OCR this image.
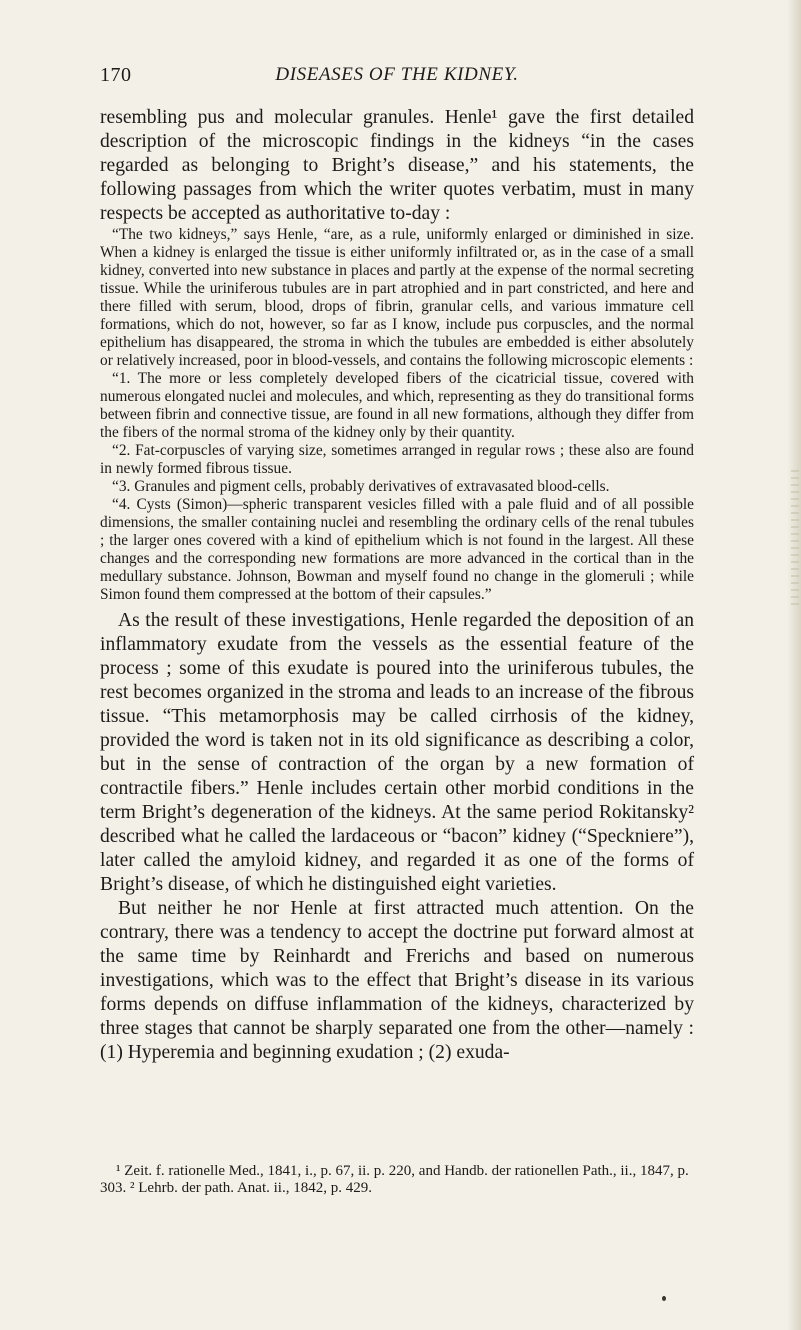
170	DISEASES OF THE KIDNEY.

resembling pus and molecular granules. Henle¹ gave the first detailed description of the microscopic findings in the kidneys “in the cases regarded as belonging to Bright’s disease,” and his statements, the following passages from which the writer quotes verbatim, must in many respects be accepted as authoritative to-day :

“The two kidneys,” says Henle, “are, as a rule, uniformly enlarged or diminished in size. When a kidney is enlarged the tissue is either uniformly infiltrated or, as in the case of a small kidney, converted into new substance in places and partly at the expense of the normal secreting tissue. While the uriniferous tubules are in part atrophied and in part constricted, and here and there filled with serum, blood, drops of fibrin, granular cells, and various immature cell formations, which do not, however, so far as I know, include pus corpuscles, and the normal epithelium has disappeared, the stroma in which the tubules are embedded is either absolutely or relatively increased, poor in blood-vessels, and contains the following microscopic elements :

“1. The more or less completely developed fibers of the cicatricial tissue, covered with numerous elongated nuclei and molecules, and which, representing as they do transitional forms between fibrin and connective tissue, are found in all new formations, although they differ from the fibers of the normal stroma of the kidney only by their quantity.

“2. Fat-corpuscles of varying size, sometimes arranged in regular rows ; these also are found in newly formed fibrous tissue.

“3. Granules and pigment cells, probably derivatives of extravasated blood-cells.

“4. Cysts (Simon)—spheric transparent vesicles filled with a pale fluid and of all possible dimensions, the smaller containing nuclei and resembling the ordinary cells of the renal tubules ; the larger ones covered with a kind of epithelium which is not found in the largest. All these changes and the corresponding new formations are more advanced in the cortical than in the medullary substance. Johnson, Bowman and myself found no change in the glomeruli ; while Simon found them compressed at the bottom of their capsules.”

As the result of these investigations, Henle regarded the deposition of an inflammatory exudate from the vessels as the essential feature of the process ; some of this exudate is poured into the uriniferous tubules, the rest becomes organized in the stroma and leads to an increase of the fibrous tissue. “This metamorphosis may be called cirrhosis of the kidney, provided the word is taken not in its old significance as describing a color, but in the sense of contraction of the organ by a new formation of contractile fibers.” Henle includes certain other morbid conditions in the term Bright’s degeneration of the kidneys. At the same period Rokitansky² described what he called the lardaceous or “bacon” kidney (“Speckniere”), later called the amyloid kidney, and regarded it as one of the forms of Bright’s disease, of which he distinguished eight varieties.

But neither he nor Henle at first attracted much attention. On the contrary, there was a tendency to accept the doctrine put forward almost at the same time by Reinhardt and Frerichs and based on numerous investigations, which was to the effect that Bright’s disease in its various forms depends on diffuse inflammation of the kidneys, characterized by three stages that cannot be sharply separated one from the other—namely : (1) Hyperemia and beginning exudation ; (2) exuda-

¹ Zeit. f. rationelle Med., 1841, i., p. 67, ii. p. 220, and Handb. der rationellen Path., ii., 1847, p. 303. ² Lehrb. der path. Anat. ii., 1842, p. 429.
